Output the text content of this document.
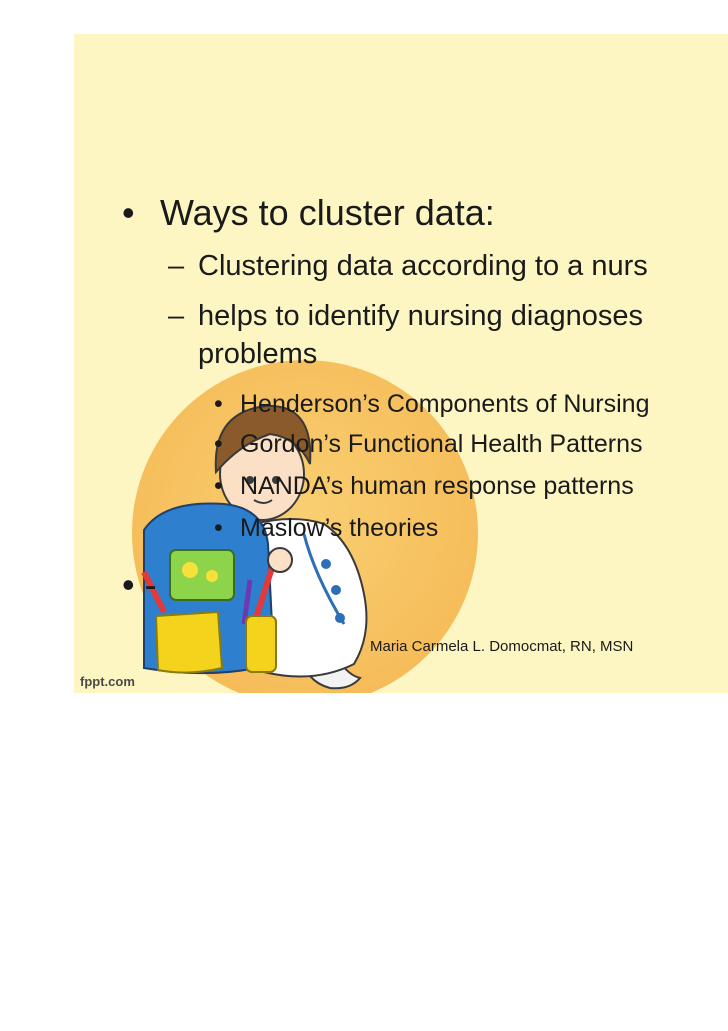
• Ways to cluster data:
– Clustering data according to a nurs
– helps to identify nursing diagnoses
problems
• Henderson’s Components of Nursing
• Gordon’s Functional Health Patterns
• NANDA’s human response patterns
• Maslow’s theories
• -
Maria Carmela L. Domocmat, RN, MSN
fppt.com
